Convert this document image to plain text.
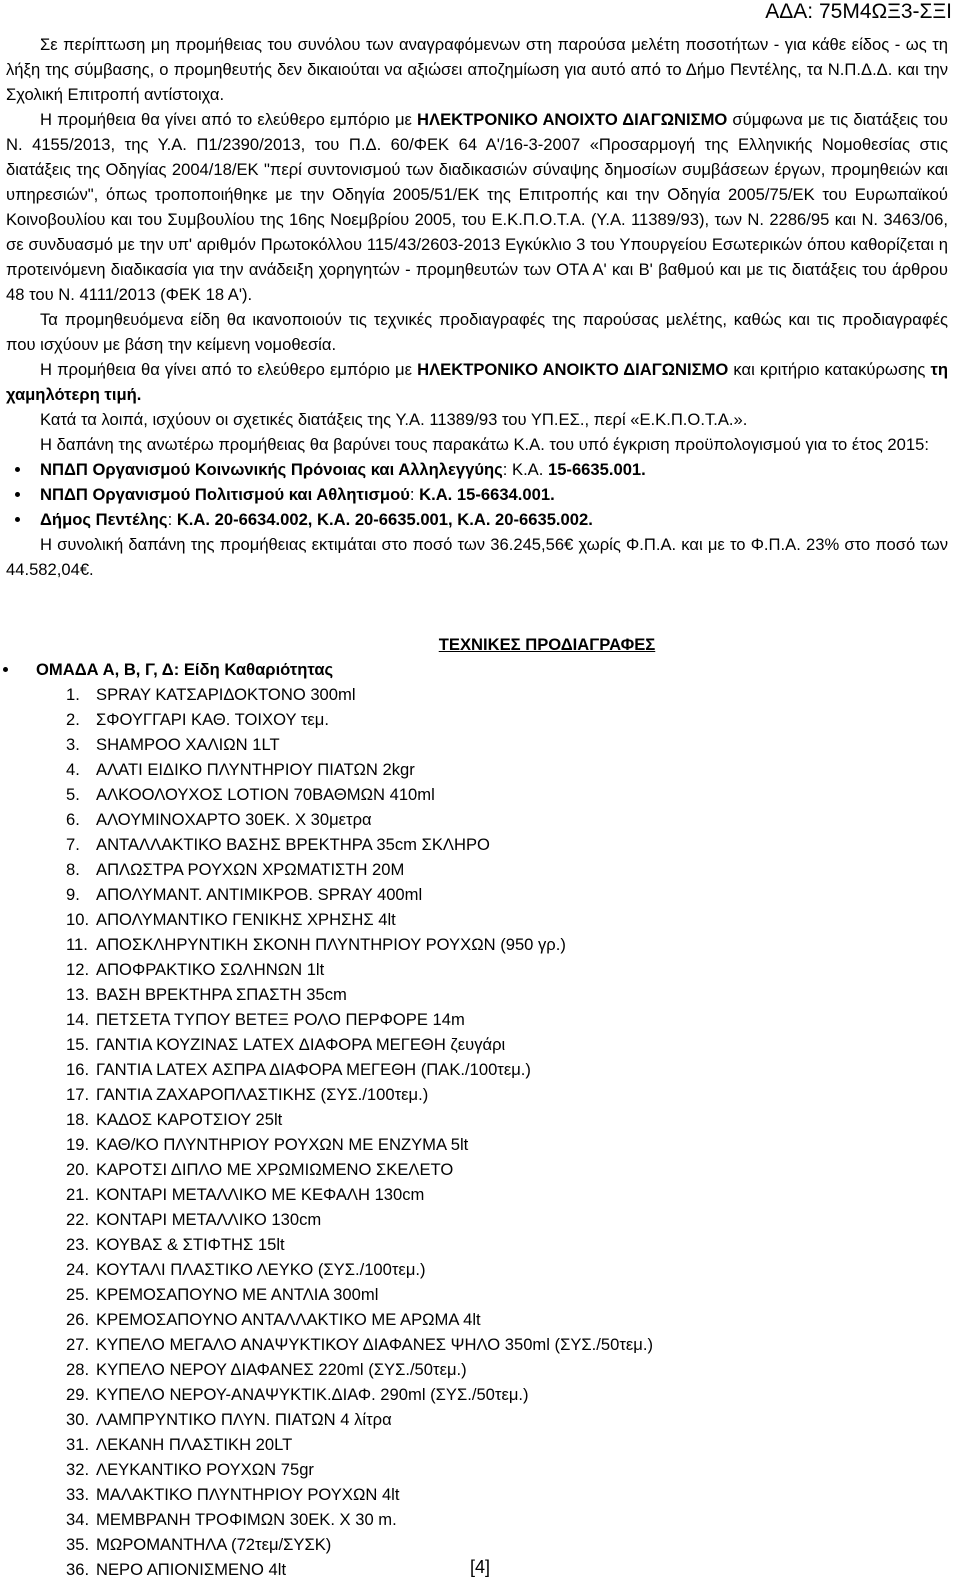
ΑΔΑ: 75Μ4ΩΞ3-ΣΞΙ

Σε περίπτωση μη προμήθειας του συνόλου των αναγραφόμενων στη παρούσα μελέτη ποσοτήτων - για κάθε είδος - ως τη λήξη της σύμβασης, ο προμηθευτής δεν δικαιούται να αξιώσει αποζημίωση για αυτό από το Δήμο Πεντέλης, τα Ν.Π.Δ.Δ. και την Σχολική Επιτροπή αντίστοιχα.

Η προμήθεια θα γίνει από το ελεύθερο εμπόριο με ΗΛΕΚΤΡΟΝΙΚΟ ΑΝΟΙΧΤΟ ΔΙΑΓΩΝΙΣΜΟ σύμφωνα με τις διατάξεις του Ν. 4155/2013, της Υ.Α. Π1/2390/2013, του Π.Δ. 60/ΦΕΚ 64 Α'/16-3-2007 «Προσαρμογή της Ελληνικής Νομοθεσίας στις διατάξεις της Οδηγίας 2004/18/ΕΚ "περί συντονισμού των διαδικασιών σύναψης δημοσίων συμβάσεων έργων, προμηθειών και υπηρεσιών", όπως τροποποιήθηκε με την Οδηγία 2005/51/ΕΚ της Επιτροπής και την Οδηγία 2005/75/ΕΚ του Ευρωπαϊκού Κοινοβουλίου και του Συμβουλίου της 16ης Νοεμβρίου 2005, του Ε.Κ.Π.Ο.Τ.Α. (Υ.Α. 11389/93), των Ν. 2286/95 και Ν. 3463/06, σε συνδυασμό με την υπ' αριθμόν Πρωτοκόλλου 115/43/2603-2013 Εγκύκλιο 3 του Υπουργείου Εσωτερικών όπου καθορίζεται η προτεινόμενη διαδικασία για την ανάδειξη χορηγητών - προμηθευτών των ΟΤΑ Α' και Β' βαθμού και με τις διατάξεις του άρθρου 48 του Ν. 4111/2013 (ΦΕΚ 18 Α').

Τα προμηθευόμενα είδη θα ικανοποιούν τις τεχνικές προδιαγραφές της παρούσας μελέτης, καθώς και τις προδιαγραφές που ισχύουν με βάση την κείμενη νομοθεσία.

Η προμήθεια θα γίνει από το ελεύθερο εμπόριο με ΗΛΕΚΤΡΟΝΙΚΟ ΑΝΟΙΚΤΟ ΔΙΑΓΩΝΙΣΜΟ και κριτήριο κατακύρωσης τη χαμηλότερη τιμή.

Κατά τα λοιπά, ισχύουν οι σχετικές διατάξεις της Υ.Α. 11389/93 του ΥΠ.ΕΣ., περί «Ε.Κ.Π.Ο.Τ.Α.».

Η δαπάνη της ανωτέρω προμήθειας θα βαρύνει τους παρακάτω Κ.Α. του υπό έγκριση προϋπολογισμού για το έτος 2015:

• ΝΠΔΠ Οργανισμού Κοινωνικής Πρόνοιας και Αλληλεγγύης: Κ.Α. 15-6635.001.
• ΝΠΔΠ Οργανισμού Πολιτισμού και Αθλητισμού: Κ.Α. 15-6634.001.
• Δήμος Πεντέλης: Κ.Α. 20-6634.002, Κ.Α. 20-6635.001, Κ.Α. 20-6635.002.

Η συνολική δαπάνη της προμήθειας εκτιμάται στο ποσό των 36.245,56€ χωρίς Φ.Π.Α. και με το Φ.Π.Α. 23% στο ποσό των 44.582,04€.

ΤΕΧΝΙΚΕΣ ΠΡΟΔΙΑΓΡΑΦΕΣ
• ΟΜΑΔΑ Α, Β, Γ, Δ: Είδη Καθαριότητας
1. SPRAY ΚΑΤΣΑΡΙΔΟΚΤΟΝΟ 300ml
2. ΣΦΟΥΓΓΑΡΙ ΚΑΘ. ΤΟΙΧΟΥ τεμ.
3. SHAMPOO ΧΑΛΙΩΝ 1LT
4. ΑΛΑΤΙ ΕΙΔΙΚΟ ΠΛΥΝΤΗΡΙΟΥ ΠΙΑΤΩΝ 2kgr
5. ΑΛΚΟΟΛΟΥΧΟΣ LOTION 70ΒΑΘΜΩΝ 410ml
6. ΑΛΟΥΜΙΝΟΧΑΡΤΟ 30ΕΚ. Χ 30μετρα
7. ΑΝΤΑΛΛΑΚΤΙΚΟ ΒΑΣΗΣ ΒΡΕΚΤΗΡΑ 35cm ΣΚΛΗΡΟ
8. ΑΠΛΩΣΤΡΑ ΡΟΥΧΩΝ ΧΡΩΜΑΤΙΣΤΗ 20Μ
9. ΑΠΟΛΥΜΑΝΤ. ΑΝΤΙΜΙΚΡΟΒ. SPRAY 400ml
10. ΑΠΟΛΥΜΑΝΤΙΚΟ ΓΕΝΙΚΗΣ ΧΡΗΣΗΣ 4lt
11. ΑΠΟΣΚΛΗΡΥΝΤΙΚΗ ΣΚΟΝΗ ΠΛΥΝΤΗΡΙΟΥ ΡΟΥΧΩΝ (950 γρ.)
12. ΑΠΟΦΡΑΚΤΙΚΟ ΣΩΛΗΝΩΝ 1lt
13. ΒΑΣΗ ΒΡΕΚΤΗΡΑ ΣΠΑΣΤΗ 35cm
14. ΠΕΤΣΕΤΑ ΤΥΠΟΥ ΒΕΤΕΞ ΡΟΛΟ ΠΕΡΦΟΡΕ 14m
15. ΓΑΝΤΙΑ ΚΟΥΖΙΝΑΣ LATEX ΔΙΑΦΟΡΑ ΜΕΓΕΘΗ ζευγάρι
16. ΓΑΝΤΙΑ LATEX ΑΣΠΡΑ ΔΙΑΦΟΡΑ ΜΕΓΕΘΗ (ΠΑΚ./100τεμ.)
17. ΓΑΝΤΙΑ ΖΑΧΑΡΟΠΛΑΣΤΙΚΗΣ (ΣΥΣ./100τεμ.)
18. ΚΑΔΟΣ ΚΑΡΟΤΣΙΟΥ 25lt
19. ΚΑΘ/ΚΟ ΠΛΥΝΤΗΡΙΟΥ ΡΟΥΧΩΝ ΜΕ ΕΝΖΥΜΑ 5lt
20. ΚΑΡΟΤΣΙ ΔΙΠΛΟ ΜΕ ΧΡΩΜΙΩΜΕΝΟ ΣΚΕΛΕΤΟ
21. ΚΟΝΤΑΡΙ ΜΕΤΑΛΛΙΚΟ ΜΕ ΚΕΦΑΛΗ 130cm
22. ΚΟΝΤΑΡΙ ΜΕΤΑΛΛΙΚΟ 130cm
23. ΚΟΥΒΑΣ & ΣΤΙΦΤΗΣ 15lt
24. ΚΟΥΤΑΛΙ ΠΛΑΣΤΙΚΟ ΛΕΥΚΟ (ΣΥΣ./100τεμ.)
25. ΚΡΕΜΟΣΑΠΟΥΝΟ ΜΕ ΑΝΤΛΙΑ 300ml
26. ΚΡΕΜΟΣΑΠΟΥΝΟ ΑΝΤΑΛΛΑΚΤΙΚΟ ΜΕ ΑΡΩΜΑ 4lt
27. ΚΥΠΕΛΟ ΜΕΓΑΛΟ ΑΝΑΨΥΚΤΙΚΟΥ ΔΙΑΦΑΝΕΣ ΨΗΛΟ 350ml (ΣΥΣ./50τεμ.)
28. ΚΥΠΕΛΟ ΝΕΡΟΥ ΔΙΑΦΑΝΕΣ 220ml (ΣΥΣ./50τεμ.)
29. ΚΥΠΕΛΟ ΝΕΡΟΥ-ΑΝΑΨΥΚΤΙΚ.ΔΙΑΦ. 290ml (ΣΥΣ./50τεμ.)
30. ΛΑΜΠΡΥΝΤΙΚΟ ΠΛΥΝ. ΠΙΑΤΩΝ 4 λίτρα
31. ΛΕΚΑΝΗ ΠΛΑΣΤΙΚΗ 20LT
32. ΛΕΥΚΑΝΤΙΚΟ ΡΟΥΧΩΝ 75gr
33. ΜΑΛΑΚΤΙΚΟ ΠΛΥΝΤΗΡΙΟΥ ΡΟΥΧΩΝ 4lt
34. ΜΕΜΒΡΑΝΗ ΤΡΟΦΙΜΩΝ 30ΕΚ. Χ 30 m.
35. ΜΩΡΟΜΑΝΤΗΛΑ (72τεμ/ΣΥΣΚ)
36. ΝΕΡΟ ΑΠΙΟΝΙΣΜΕΝΟ 4lt	[4]
